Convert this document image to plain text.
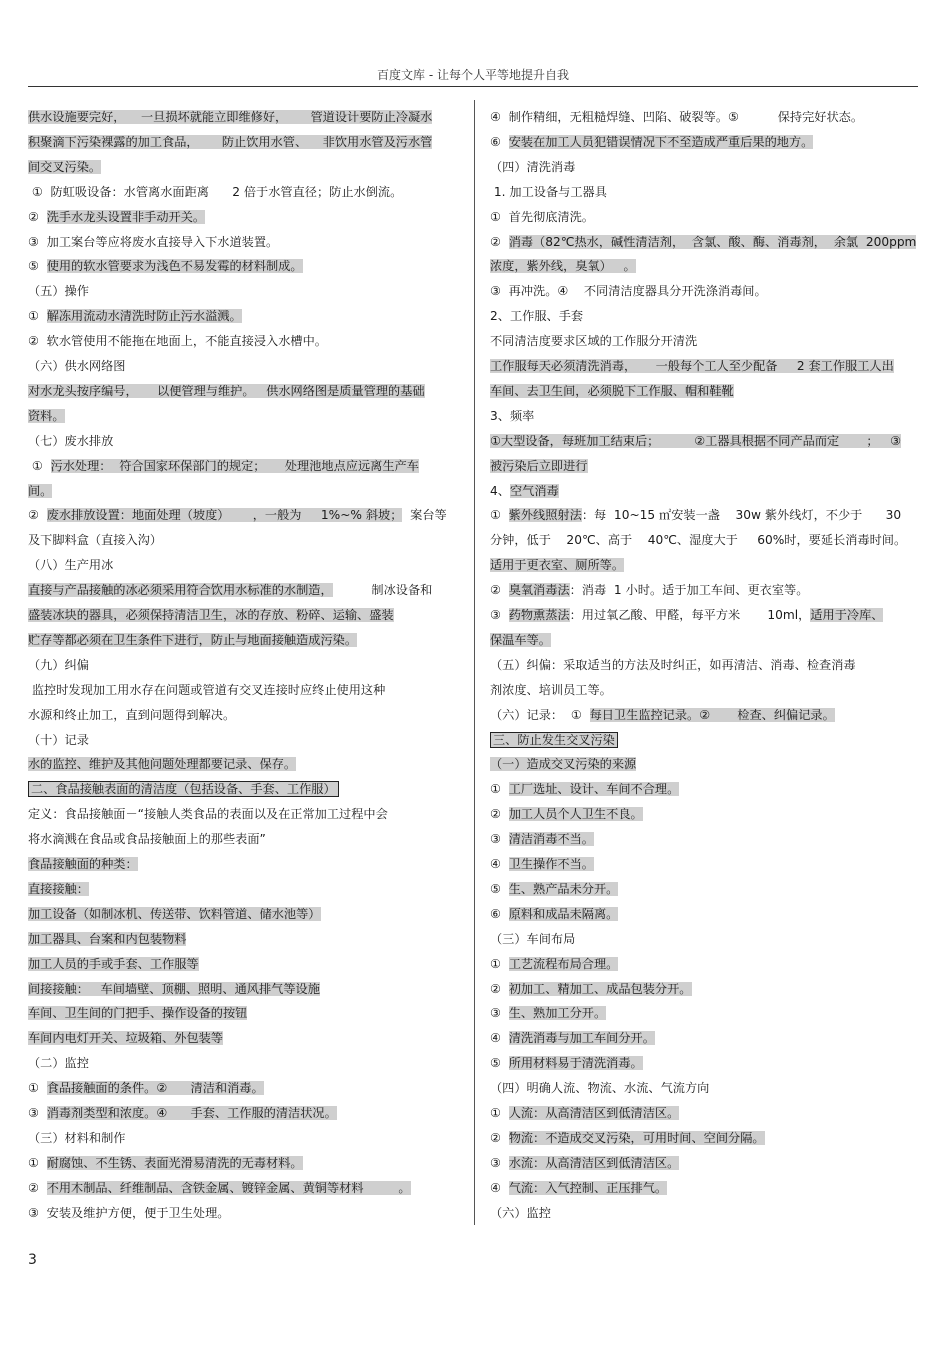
百度文库 - 让每个人平等地提升自我
供水设施要完好，    一旦损坏就能立即维修好，      管道设计要防止冷凝水
积聚滴下污染裸露的加工食品，      防止饮用水管、    非饮用水管及污水管
间交叉污染。
①  防虹吸设备：水管离水面距离      2 倍于水管直径；防止水倒流。
②  洗手水龙头设置非手动开关。
③  加工案台等应将废水直接导入下水道装置。
⑤  使用的软水管要求为浅色不易发霉的材料制成。
（五）操作
①  解冻用流动水清洗时防止污水溢溅。
②  软水管使用不能拖在地面上，不能直接浸入水槽中。
（六）供水网络图
对水龙头按序编号，     以便管理与维护。   供水网络图是质量管理的基础
资料。
（七）废水排放
①  污水处理：  符合国家环保部门的规定；     处理池地点应远离生产车
间。
②  废水排放设置：地面处理（坡度）      ，一般为     1%~% 斜坡；  案台等
及下脚料盒（直接入沟）
（八）生产用冰
直接与产品接触的冰必须采用符合饮用水标准的水制造，          制冰设备和
盛装冰块的器具，必须保持清洁卫生，冰的存放、粉碎、运输、盛装
贮存等都必须在卫生条件下进行，防止与地面接触造成污染。
（九）纠偏
监控时发现加工用水存在问题或管道有交叉连接时应终止使用这种
水源和终止加工，直到问题得到解决。
（十）记录
水的监控、维护及其他问题处理都要记录、保存。
二、食品接触表面的清洁度（包括设备、手套、工作服）
定义：食品接触面－“接触人类食品的表面以及在正常加工过程中会
将水滴溅在食品或食品接触面上的那些表面”
食品接触面的种类：
直接接触：
加工设备（如制冰机、传送带、饮料管道、储水池等）
加工器具、台案和内包装物料
加工人员的手或手套、工作服等
间接接触：   车间墙壁、顶棚、照明、通风排气等设施
车间、卫生间的门把手、操作设备的按钮
车间内电灯开关、垃圾箱、外包装等
（二）监控
①  食品接触面的条件。②      清洁和消毒。
③  消毒剂类型和浓度。④      手套、工作服的清洁状况。
（三）材料和制作
①  耐腐蚀、不生锈、表面光滑易清洗的无毒材料。
②  不用木制品、纤维制品、含铁金属、镀锌金属、黄铜等材料         。
③  安装及维护方便，便于卫生处理。
④  制作精细，无粗糙焊缝、凹陷、破裂等。⑤          保持完好状态。
⑥  安装在加工人员犯错误情况下不至造成严重后果的地方。
（四）清洗消毒
1. 加工设备与工器具
①  首先彻底清洗。
②  消毒（82℃热水，碱性清洁剂，  含氯、酸、酶、消毒剂，  余氯  200ppm
浓度，紫外线，臭氧）   。
③  再冲洗。④    不同清洁度器具分开洗涤消毒间。
2、工作服、手套
不同清洁度要求区域的工作服分开清洗
工作服每天必须清洗消毒，     一般每个工人至少配备     2 套工作服工人出
车间、去卫生间，必须脱下工作服、帽和鞋靴
3、频率
①大型设备，每班加工结束后；         ②工器具根据不同产品而定       ；   ③
被污染后立即进行
4、空气消毒
①  紫外线照射法：每  10~15 ㎡安装一盏    30w 紫外线灯，不少于      30
分钟，低于    20℃、高于    40℃、湿度大于     60%时，要延长消毒时间。
适用于更衣室、厕所等。
②  臭氧消毒法：消毒  1 小时。适于加工车间、更衣室等。
③  药物熏蒸法：用过氧乙酸、甲醛，每平方米       10ml，适用于冷库、
保温车等。
（五）纠偏：采取适当的方法及时纠正，如再清洁、消毒、检查消毒
剂浓度、培训员工等。
（六）记录：  ①  每日卫生监控记录。②       检查、纠偏记录。
三、防止发生交叉污染
（一）造成交叉污染的来源
①  工厂选址、设计、车间不合理。
②  加工人员个人卫生不良。
③  清洁消毒不当。
④  卫生操作不当。
⑤  生、熟产品未分开。
⑥  原料和成品未隔离。
（三）车间布局
①  工艺流程布局合理。
②  初加工、精加工、成品包装分开。
③  生、熟加工分开。
④  清洗消毒与加工车间分开。
⑤  所用材料易于清洗消毒。
（四）明确人流、物流、水流、气流方向
①  人流：从高清洁区到低清洁区。
②  物流：不造成交叉污染，可用时间、空间分隔。
③  水流：从高清洁区到低清洁区。
④  气流：入气控制、正压排气。
（六）监控
3
